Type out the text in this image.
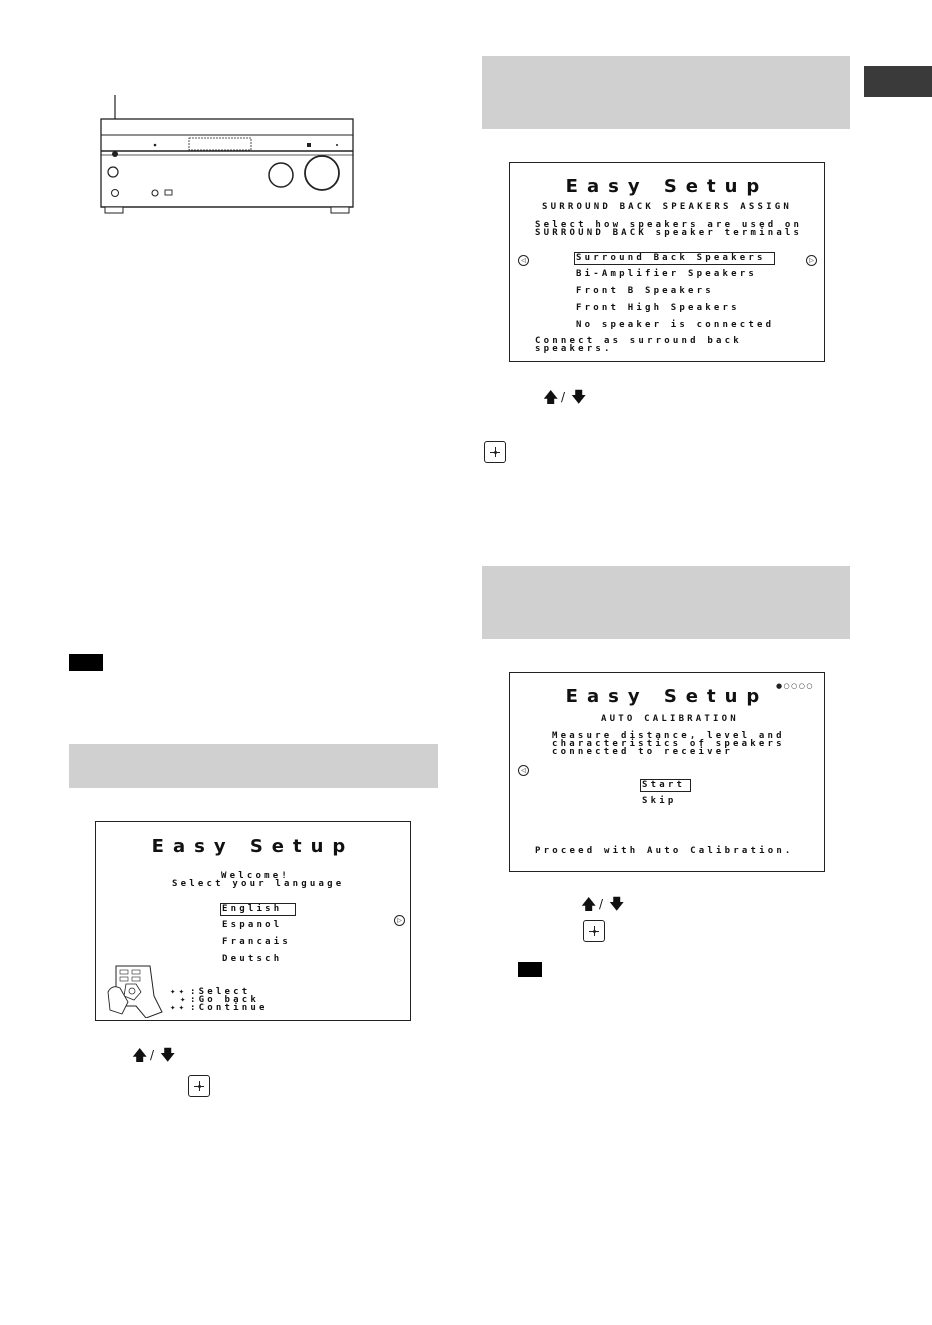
Easy Setup
SURROUND BACK SPEAKERS ASSIGN
Select how speakers are used on
SURROUND BACK speaker terminals
◁	▷
Surround Back Speakers
Bi-Amplifier Speakers
Front B Speakers
Front High Speakers
No speaker is connected
Connect as surround back
speakers.
🡅 / 🡇
●○○○○
Easy Setup
AUTO CALIBRATION
Measure distance, level and
characteristics of speakers
connected to receiver
◁
Start
Skip
Proceed with Auto Calibration.
🡅 / 🡇
Easy Setup
Welcome!
Select your language
▷
English
Espanol
Francais
Deutsch
✦✦ :Select
✦ :Go back
✦✦ :Continue
🡅 / 🡇
